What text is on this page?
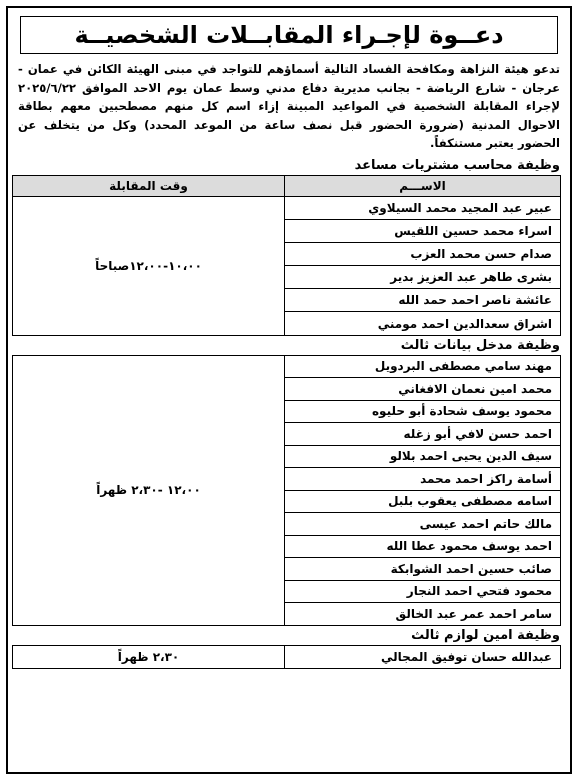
دعــوة لإجـراء المقابــلات الشخصيــة

تدعو هيئة النزاهة ومكافحة الفساد التالية أسماؤهم للتواجد في مبنى الهيئة الكائن في عمان - عرجان - شارع الرياضة - بجانب مديرية دفاع مدني وسط عمان يوم الاحد الموافق ٢٠٢٥/٦/٢٢ لإجراء المقابلة الشخصية في المواعيد المبينة إزاء اسم كل منهم مصطحبين معهم بطاقة الاحوال المدنية (ضرورة الحضور قبل نصف ساعة من الموعد المحدد) وكل من يتخلف عن الحضور يعتبر مستنكفاً.

وظيفة محاسب مشتريات مساعد
الاســـم	وقت المقابلة
عبير عبد المجيد محمد السيلاوي	١٠،٠٠-١٢،٠٠صباحاً
اسراء محمد حسين اللقيس	
صدام حسن محمد العزب	
بشرى طاهر عبد العزيز بدير	
عائشة ناصر احمد حمد الله	
اشراق سعدالدين احمد مومني	
وظيفة مدخل بيانات ثالث
مهند سامي مصطفى البردويل	١٢،٠٠ -٢،٣٠ ظهراً
محمد امين نعمان الافغاني
محمود يوسف شحادة أبو حليوه
احمد حسن لافي أبو زغله
سيف الدين يحيى احمد بلالو
أسامة راكز احمد محمد
اسامه مصطفى يعقوب بلبل
مالك حاتم احمد عيسى
احمد يوسف محمود عطا الله
صائب حسين احمد الشوابكة
محمود فتحي احمد النجار
سامر احمد عمر عبد الخالق
وظيفة امين لوازم ثالث
عبدالله حسان توفيق المجالي	٢،٣٠ ظهراً
